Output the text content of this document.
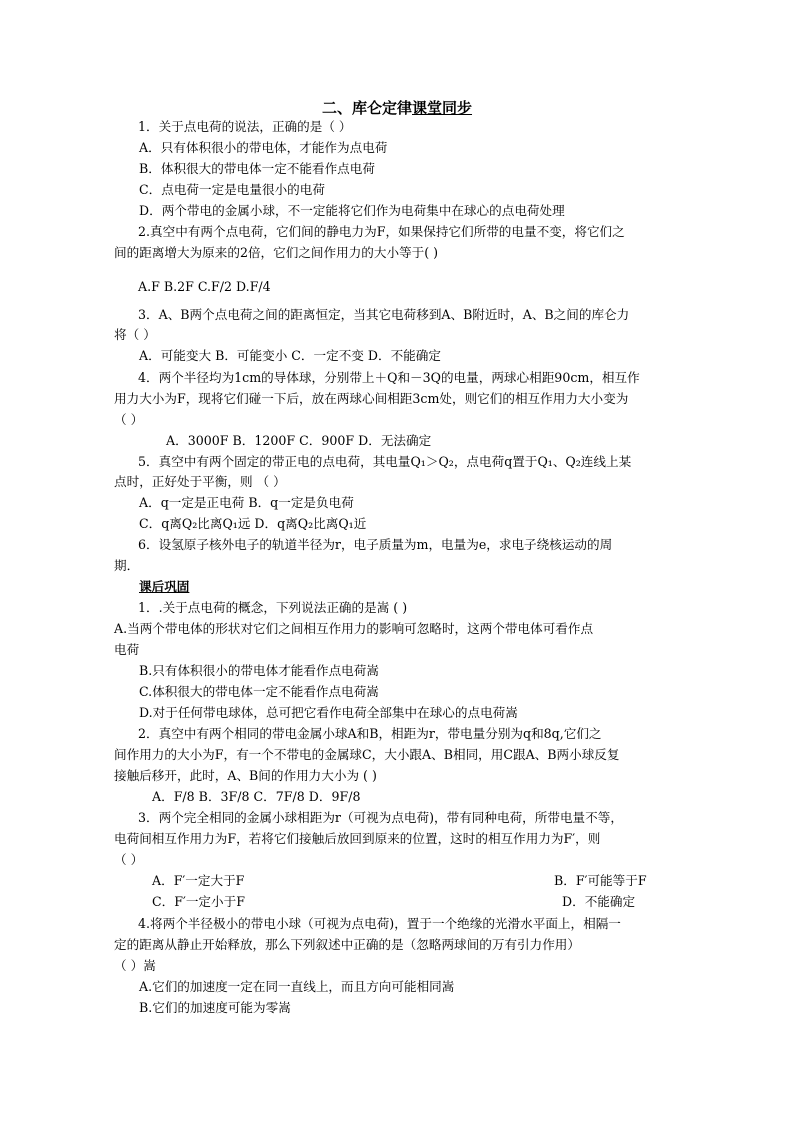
二、库仑定律课堂同步
1．关于点电荷的说法，正确的是（ ）
A．只有体积很小的带电体，才能作为点电荷
B．体积很大的带电体一定不能看作点电荷
C．点电荷一定是电量很小的电荷
D．两个带电的金属小球，不一定能将它们作为电荷集中在球心的点电荷处理
2.真空中有两个点电荷，它们间的静电力为F，如果保持它们所带的电量不变，将它们之
间的距离增大为原来的2倍，它们之间作用力的大小等于( )
A.F B.2F C.F/2 D.F/4
3．A、B两个点电荷之间的距离恒定，当其它电荷移到A、B附近时，A、B之间的库仑力
将（ ）
A．可能变大 B．可能变小 C．一定不变 D．不能确定
4．两个半径均为1cm的导体球，分别带上＋Q和－3Q的电量，两球心相距90cm，相互作
用力大小为F，现将它们碰一下后，放在两球心间相距3cm处，则它们的相互作用力大小变为
（ ）
A．3000F B．1200F C．900F D．无法确定
5．真空中有两个固定的带正电的点电荷，其电量Q₁＞Q₂，点电荷q置于Q₁、Q₂连线上某
点时，正好处于平衡，则 （ ）
A．q一定是正电荷 B．q一定是负电荷
C．q离Q₂比离Q₁远 D．q离Q₂比离Q₁近
6．设氢原子核外电子的轨道半径为r，电子质量为m，电量为e，求电子绕核运动的周
期．
课后巩固
1．.关于点电荷的概念，下列说法正确的是嵩 ( )
A.当两个带电体的形状对它们之间相互作用力的影响可忽略时，这两个带电体可看作点
电荷
B.只有体积很小的带电体才能看作点电荷嵩
C.体积很大的带电体一定不能看作点电荷嵩
D.对于任何带电球体，总可把它看作电荷全部集中在球心的点电荷嵩
2．真空中有两个相同的带电金属小球A和B，相距为r，带电量分别为q和8q,它们之
间作用力的大小为F，有一个不带电的金属球C，大小跟A、B相同，用C跟A、B两小球反复
接触后移开，此时，A、B间的作用力大小为 ( )
A．F/8 B．3F/8 C．7F/8 D．9F/8
3．两个完全相同的金属小球相距为r（可视为点电荷)，带有同种电荷，所带电量不等，
电荷间相互作用力为F，若将它们接触后放回到原来的位置，这时的相互作用力为F′，则
（ ）
A．F′一定大于F	B．F′可能等于F
C．F′一定小于F	D．不能确定
4.将两个半径极小的带电小球（可视为点电荷)，置于一个绝缘的光滑水平面上，相隔一
定的距离从静止开始释放，那么下列叙述中正确的是（忽略两球间的万有引力作用）
（ ）嵩
A.它们的加速度一定在同一直线上，而且方向可能相同嵩
B.它们的加速度可能为零嵩
